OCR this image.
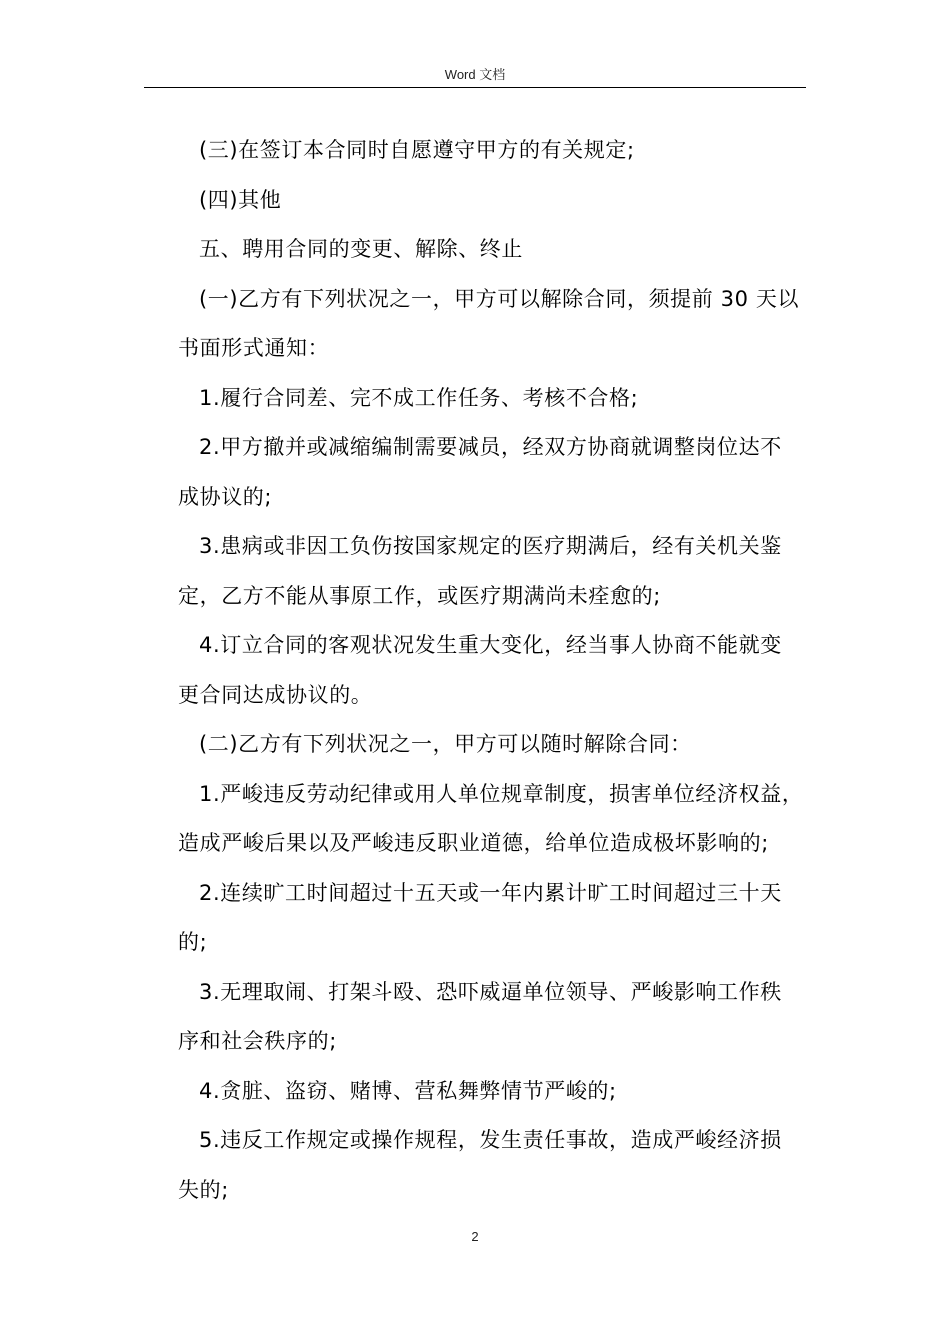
Word 文档

(三)在签订本合同时自愿遵守甲方的有关规定;

(四)其他

五、聘用合同的变更、解除、终止

(一)乙方有下列状况之一，甲方可以解除合同，须提前 30 天以

书面形式通知：

1.履行合同差、完不成工作任务、考核不合格;

2.甲方撤并或减缩编制需要减员，经双方协商就调整岗位达不

成协议的;

3.患病或非因工负伤按国家规定的医疗期满后，经有关机关鉴

定，乙方不能从事原工作，或医疗期满尚未痊愈的;

4.订立合同的客观状况发生重大变化，经当事人协商不能就变

更合同达成协议的。

(二)乙方有下列状况之一，甲方可以随时解除合同：

1.严峻违反劳动纪律或用人单位规章制度，损害单位经济权益，

造成严峻后果以及严峻违反职业道德，给单位造成极坏影响的;

2.连续旷工时间超过十五天或一年内累计旷工时间超过三十天

的;

3.无理取闹、打架斗殴、恐吓威逼单位领导、严峻影响工作秩

序和社会秩序的;

4.贪脏、盗窃、赌博、营私舞弊情节严峻的;

5.违反工作规定或操作规程，发生责任事故，造成严峻经济损

失的;

2
